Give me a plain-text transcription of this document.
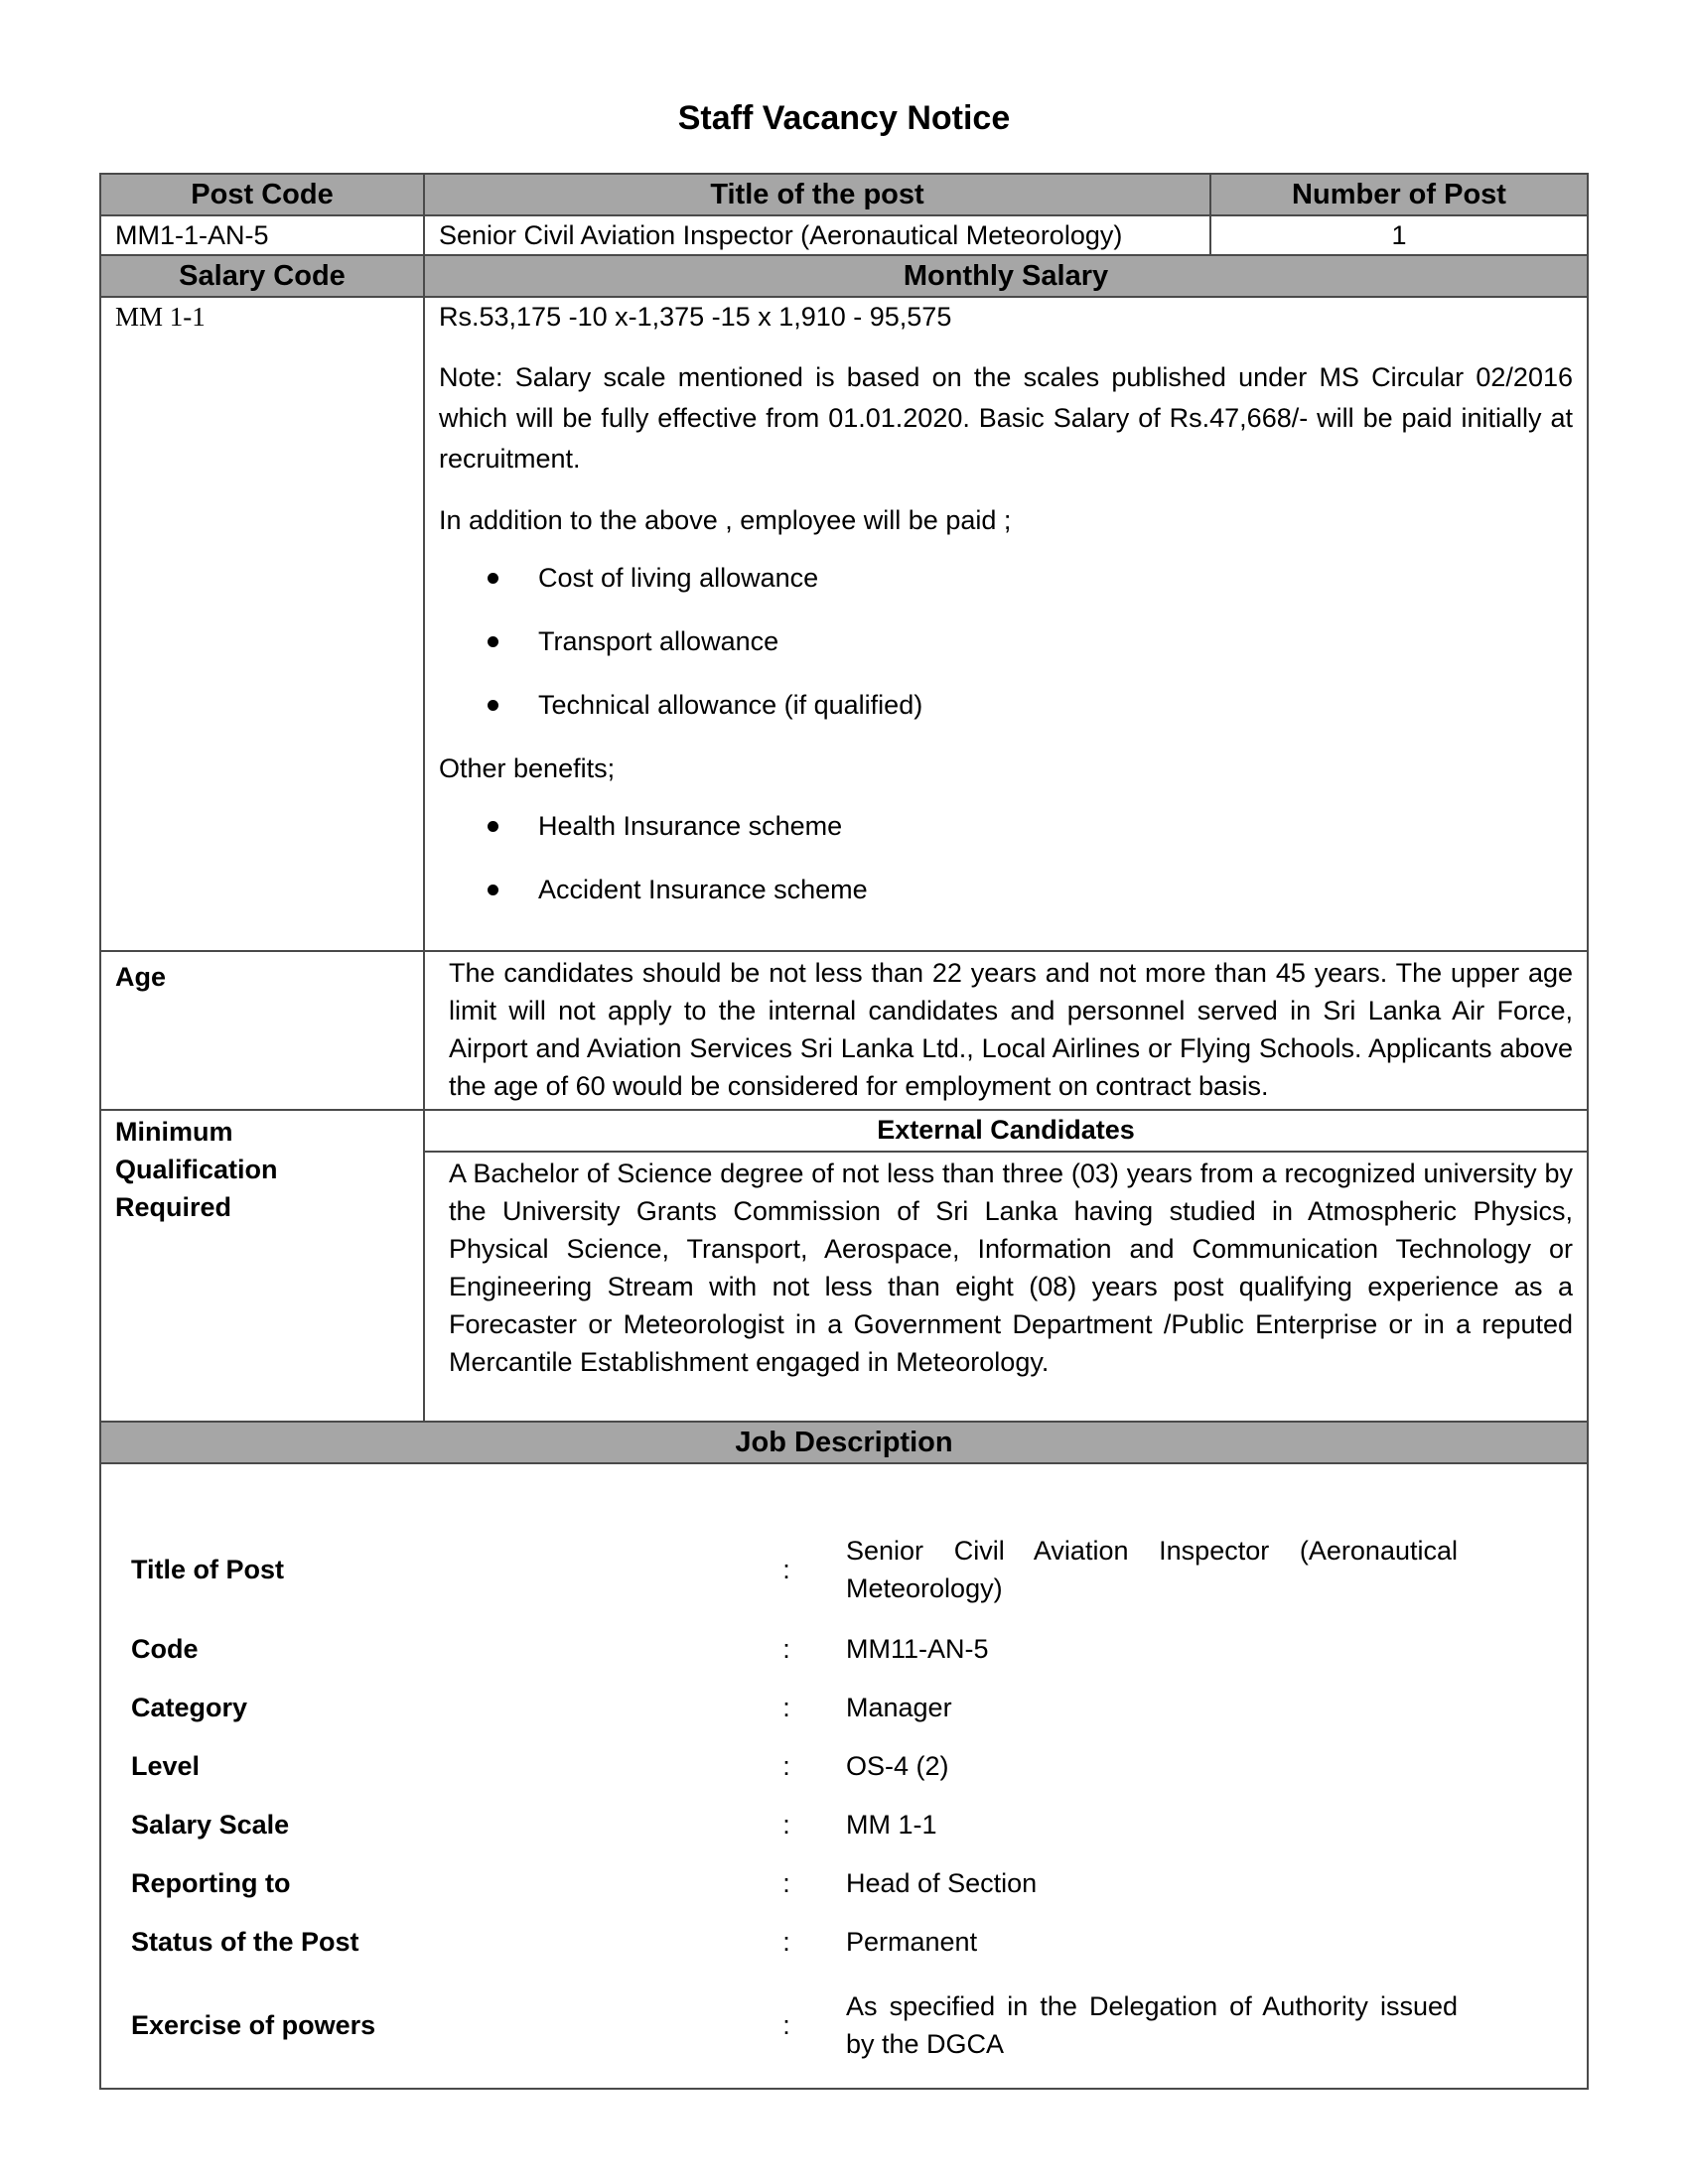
Staff Vacancy Notice
Post Code	Title of the post	Number of Post
MM1-1-AN-5	Senior Civil Aviation Inspector (Aeronautical Meteorology)	1
Salary Code	Monthly Salary
MM 1-1	Rs.53,175 -10 x-1,375 -15 x 1,910 - 95,575

Note: Salary scale mentioned is based on the scales published under MS Circular 02/2016 which will be fully effective from 01.01.2020. Basic Salary of Rs.47,668/- will be paid initially at recruitment.

In addition to the above , employee will be paid ;

Cost of living allowance
Transport allowance
Technical allowance (if qualified)

Other benefits;

Health Insurance scheme
Accident Insurance scheme

Age	The candidates should be not less than 22 years and not more than 45 years. The upper age limit will not apply to the internal candidates and personnel served in Sri Lanka Air Force, Airport and Aviation Services Sri Lanka Ltd., Local Airlines or Flying Schools. Applicants above the age of 60 would be considered for employment on contract basis.
Minimum Qualification Required	External Candidates
A Bachelor of Science degree of not less than three (03) years from a recognized university by the University Grants Commission of Sri Lanka having studied in Atmospheric Physics, Physical Science, Transport, Aerospace, Information and Communication Technology or Engineering Stream with not less than eight (08) years post qualifying experience as a Forecaster or Meteorologist in a Government Department /Public Enterprise or in a reputed Mercantile Establishment engaged in Meteorology.
Job Description

Title of Post	:	Senior Civil Aviation Inspector (Aeronautical Meteorology)
Code	:	MM11-AN-5
Category	:	Manager
Level	:	OS-4 (2)
Salary Scale	:	MM 1-1
Reporting to	:	Head of Section
Status of the Post	:	Permanent
Exercise of powers	:	As specified in the Delegation of Authority issued by the DGCA
